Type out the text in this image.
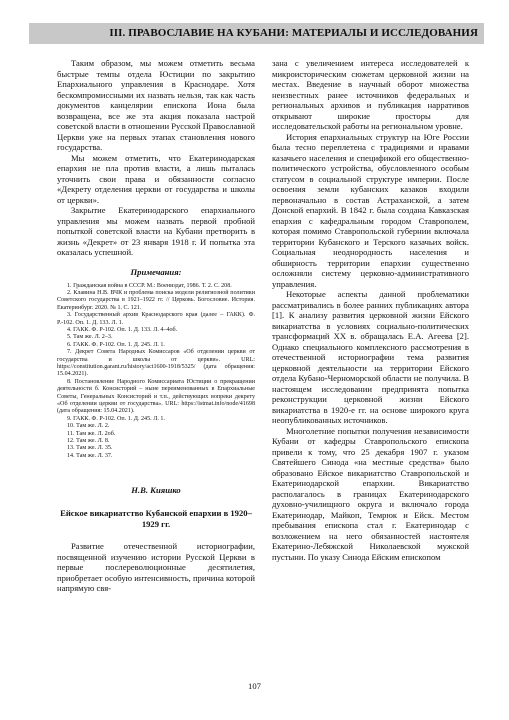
III. ПРАВОСЛАВИЕ НА КУБАНИ: МАТЕРИАЛЫ И ИССЛЕДОВАНИЯ

Таким образом, мы можем отметить весьма быстрые темпы отдела Юстиции по закрытию Епархиального управления в Краснодаре. Хотя бескомпромиссными их назвать нельзя, так как часть документов канцелярии епископа Иона была возвращена, все же эта акция показала настрой советской власти в отношении Русской Православной Церкви уже на первых этапах становления нового государства.

Мы можем отметить, что Екатеринодарская епархия не пла против власти, а лишь пыталась уточнить свои права и обязанности согласно «Декрету отделения церкви от государства и школы от церкви».

Закрытие Екатеринодарского епархиального управления мы можем назвать первой пробной попыткой советской власти на Кубани претворить в жизнь «Декрет» от 23 января 1918 г. И попытка эта оказалась успешной.

Примечания:
1. Гражданская война в СССР. М.: Воениздат, 1986. Т. 2. С. 208.
2. Клавина Н.В. ВЧК и проблема поиска модели религиозной политики Советского государства в 1921–1922 гг. // Церковь. Богословие. История. Екатеринбург. 2020. № 1. С. 121.
3. Государственный архив Краснодарского края (далее – ГАКК). Ф. Р.-102. Оп. 1. Д. 133. Л. 1.
4. ГАКК. Ф. Р-102. Оп. 1. Д. 133. Л. 4–4об.
5. Там же. Л. 2–3.
6. ГАКК. Ф. Р-102. Оп. 1. Д. 245. Л. 1.
7. Декрет Совета Народных Комиссаров «Об отделении церкви от государства и школы от церкви». URL: https://constitution.garant.ru/history/act1600-1918/5325/ (дата обращения: 15.04.2021).
8. Постановление Народного Комиссариата Юстиции о прекращении деятельности б. Консисторий – ныне переименованных в Епархиальные Советы, Генеральных Консисторий и т.п., действующих вопреки декрету «Об отделении церкви от государства». URL: https://istmat.info/node/41698 (дата обращения: 15.04.2021).
9. ГАКК. Ф. Р-102. Оп. 1. Д. 245. Л. 1.
10. Там же. Л. 2.
11. Там же. Л. 2об.
12. Там же. Л. 8.
13. Там же. Л. 35.
14. Там же. Л. 37.
Н.В. Кияшко
Ейское викариатство Кубанской епархии в 1920–1929 гг.

Развитие отечественной историографии, посвященной изучению истории Русской Церкви в первые послереволюционные десятилетия, приобретает особую интенсивность, причина которой напрямую свя-

зана с увеличением интереса исследователей к микроисторическим сюжетам церковной жизни на местах. Введение в научный оборот множества неизвестных ранее источников федеральных и региональных архивов и публикация нарративов открывают широкие просторы для исследовательской работы на региональном уровне.

История епархиальных структур на Юге России была тесно переплетена с традициями и нравами казачьего населения и спецификой его общественно-политического устройства, обусловленного особым статусом в социальной структуре империи. После освоения земли кубанских казаков входили первоначально в состав Астраханской, а затем Донской епархий. В 1842 г. была создана Кавказская епархия с кафедральным городом Ставрополем, которая помимо Ставропольской губернии включала территории Кубанского и Терского казачьих войск. Социальная неоднородность населения и обширность территории епархии существенно осложняли систему церковно-административного управления.

Некоторые аспекты данной проблематики рассматривались в более ранних публикациях автора [1]. К анализу развития церковной жизни Ейского викариатства в условиях социально-политических трансформаций XX в. обращалась Е.А. Агеева [2]. Однако специального комплексного рассмотрения в отечественной историографии тема развития церковной деятельности на территории Ейского отдела Кубано-Черноморской области не получила. В настоящем исследовании предпринята попытка реконструкции церковной жизни Ейского викариатства в 1920-е гг. на основе широкого круга неопубликованных источников.

Многолетние попытки получения независимости Кубани от кафедры Ставропольского епископа привели к тому, что 25 декабря 1907 г. указом Святейшего Синода «на местные средства» было образовано Ейское викариатство Ставропольской и Екатеринодарской епархии. Викариатство располагалось в границах Екатеринодарского духовно-училищного округа и включало города Екатеринодар, Майкоп, Темрюк и Ейск. Местом пребывания епископа стал г. Екатеринодар с возложением на него обязанностей настоятеля Екатерино-Лебяжской Николаевской мужской пустыни. По указу Синода Ейским епископом

107
